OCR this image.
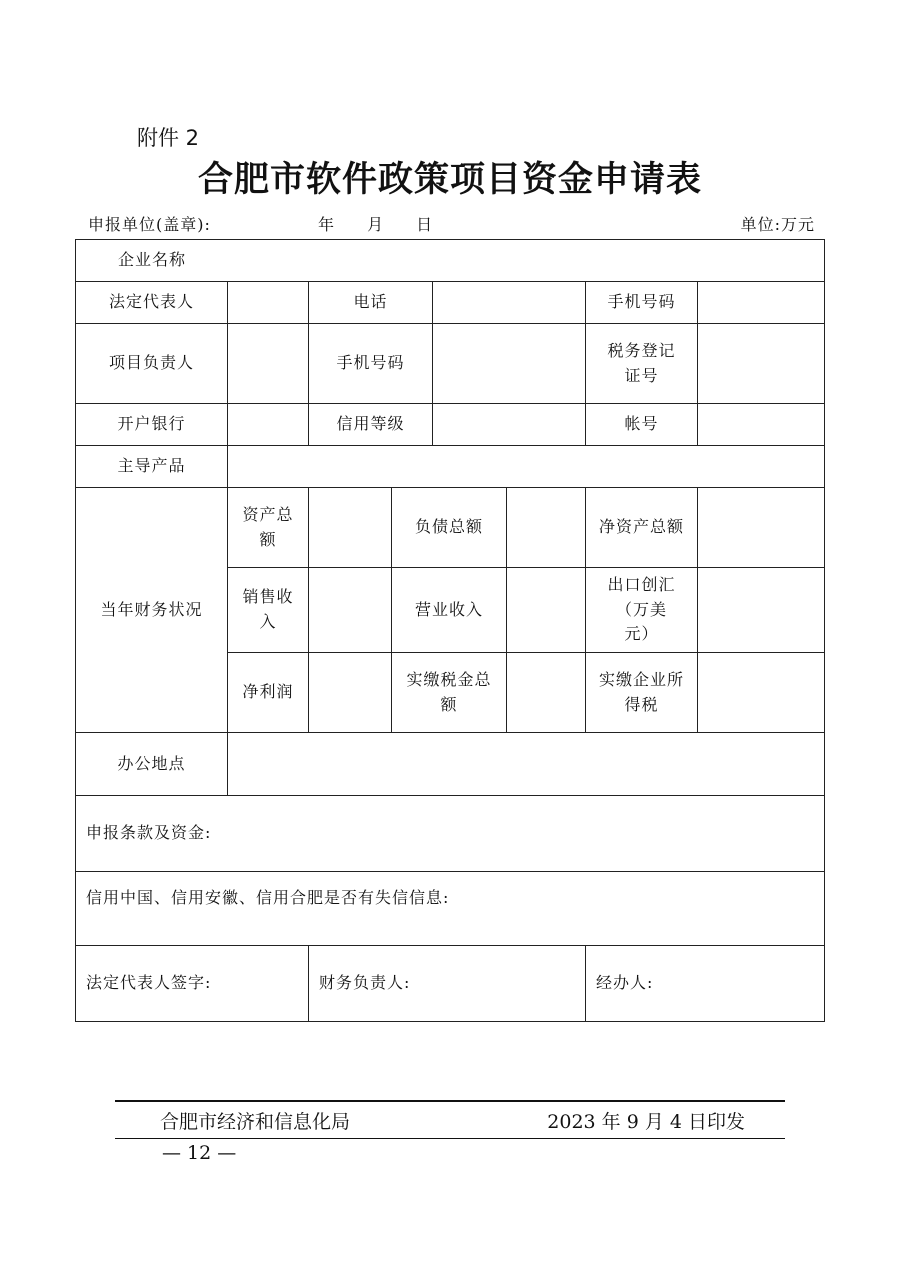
附件 2
合肥市软件政策项目资金申请表
申报单位(盖章):	年 月 日	单位:万元
企业名称							
法定代表人		电话				手机号码	
项目负责人		手机号码				税务登记证号	
开户银行		信用等级				帐号	
主导产品							
当年财务状况	资产总额		负债总额			净资产总额	
	销售收入		营业收入			出口创汇（万美元）	
	净利润		实缴税金总额			实缴企业所得税	
办公地点							
申报条款及资金:							
信用中国、信用安徽、信用合肥是否有失信信息:							
法定代表人签字:		财务负责人:				经办人:	
合肥市经济和信息化局	2023 年 9 月 4 日印发
— 12 —
